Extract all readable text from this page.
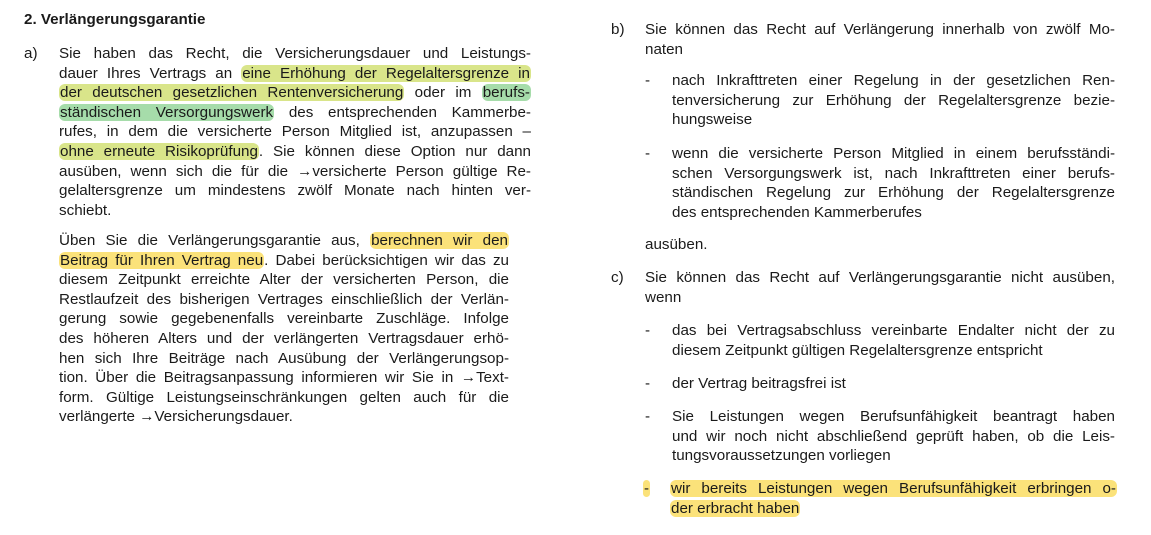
2. Verlängerungsgarantie
a) Sie haben das Recht, die Versicherungsdauer und Leistungs-
dauer Ihres Vertrags an eine Erhöhung der Regelaltersgrenze in
der deutschen gesetzlichen Rentenversicherung oder im berufs-
ständischen Versorgungswerk des entsprechenden Kammerbe-
rufes, in dem die versicherte Person Mitglied ist, anzupassen –
ohne erneute Risikoprüfung. Sie können diese Option nur dann
ausüben, wenn sich die für die →versicherte Person gültige Re-
gelaltersgrenze um mindestens zwölf Monate nach hinten ver-
schiebt.
Üben Sie die Verlängerungsgarantie aus, berechnen wir den
Beitrag für Ihren Vertrag neu. Dabei berücksichtigen wir das zu
diesem Zeitpunkt erreichte Alter der versicherten Person, die
Restlaufzeit des bisherigen Vertrages einschließlich der Verlän-
gerung sowie gegebenenfalls vereinbarte Zuschläge. Infolge
des höheren Alters und der verlängerten Vertragsdauer erhö-
hen sich Ihre Beiträge nach Ausübung der Verlängerungsop-
tion. Über die Beitragsanpassung informieren wir Sie in →Text-
form. Gültige Leistungseinschränkungen gelten auch für die
verlängerte →Versicherungsdauer.
b) Sie können das Recht auf Verlängerung innerhalb von zwölf Mo-
naten
- nach Inkrafttreten einer Regelung in der gesetzlichen Ren-
tenversicherung zur Erhöhung der Regelaltersgrenze bezie-
hungsweise
- wenn die versicherte Person Mitglied in einem berufsständi-
schen Versorgungswerk ist, nach Inkrafttreten einer berufs-
ständischen Regelung zur Erhöhung der Regelaltersgrenze
des entsprechenden Kammerberufes
ausüben.
c) Sie können das Recht auf Verlängerungsgarantie nicht ausüben,
wenn
- das bei Vertragsabschluss vereinbarte Endalter nicht der zu
diesem Zeitpunkt gültigen Regelaltersgrenze entspricht
- der Vertrag beitragsfrei ist
- Sie Leistungen wegen Berufsunfähigkeit beantragt haben
und wir noch nicht abschließend geprüft haben, ob die Leis-
tungsvoraussetzungen vorliegen
- wir bereits Leistungen wegen Berufsunfähigkeit erbringen o-
der erbracht haben
